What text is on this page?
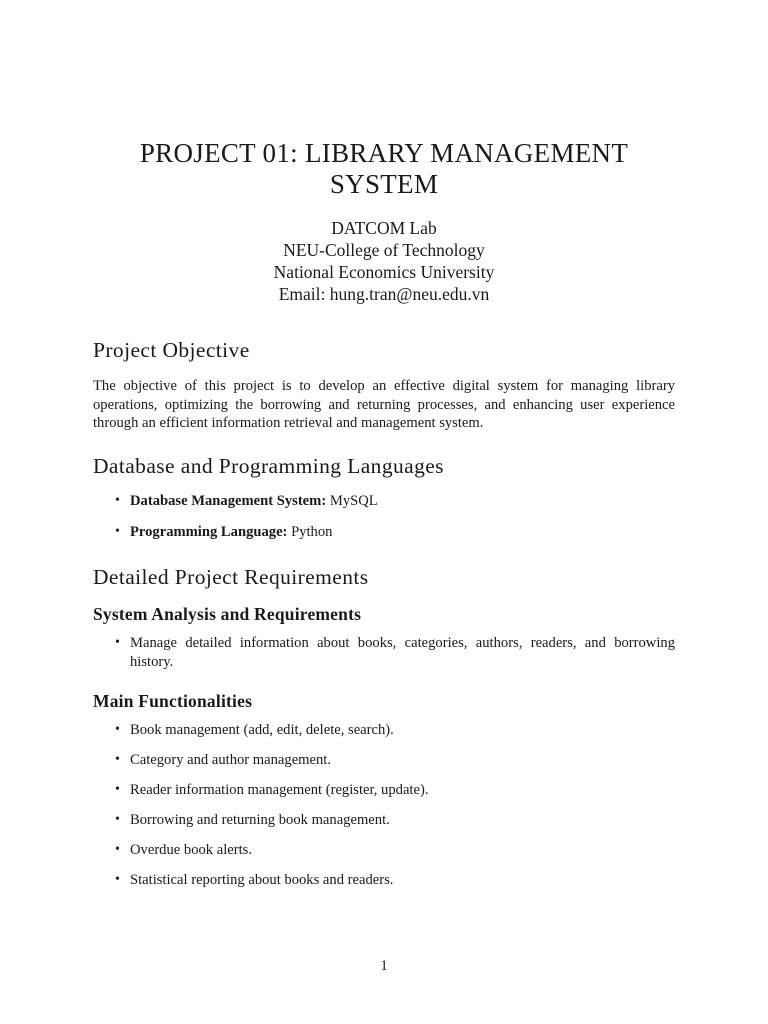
PROJECT 01: LIBRARY MANAGEMENT SYSTEM
DATCOM Lab
NEU-College of Technology
National Economics University
Email: hung.tran@neu.edu.vn
Project Objective

The objective of this project is to develop an effective digital system for managing library operations, optimizing the borrowing and returning processes, and enhancing user experience through an efficient information retrieval and management system.

Database and Programming Languages
• Database Management System: MySQL
• Programming Language: Python
Detailed Project Requirements
System Analysis and Requirements
• Manage detailed information about books, categories, authors, readers, and borrowing history.
Main Functionalities
• Book management (add, edit, delete, search).
• Category and author management.
• Reader information management (register, update).
• Borrowing and returning book management.
• Overdue book alerts.
• Statistical reporting about books and readers.
1
